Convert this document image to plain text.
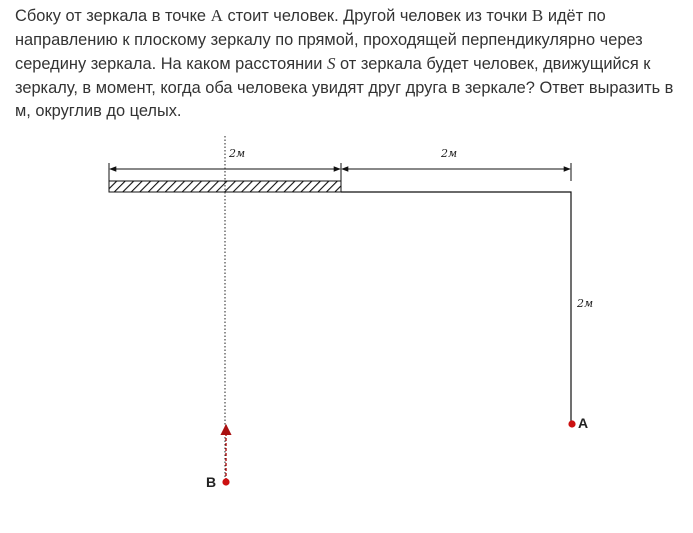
Сбоку от зеркала в точке A стоит человек. Другой человек из точки B идёт по направлению к плоскому зеркалу по прямой, проходящей перпендикулярно через середину зеркала. На каком расстоянии S от зеркала будет человек, движущийся к зеркалу, в момент, когда оба человека увидят друг друга в зеркале? Ответ выразить в м, округлив до целых.
2м	2м
2м
A
B
